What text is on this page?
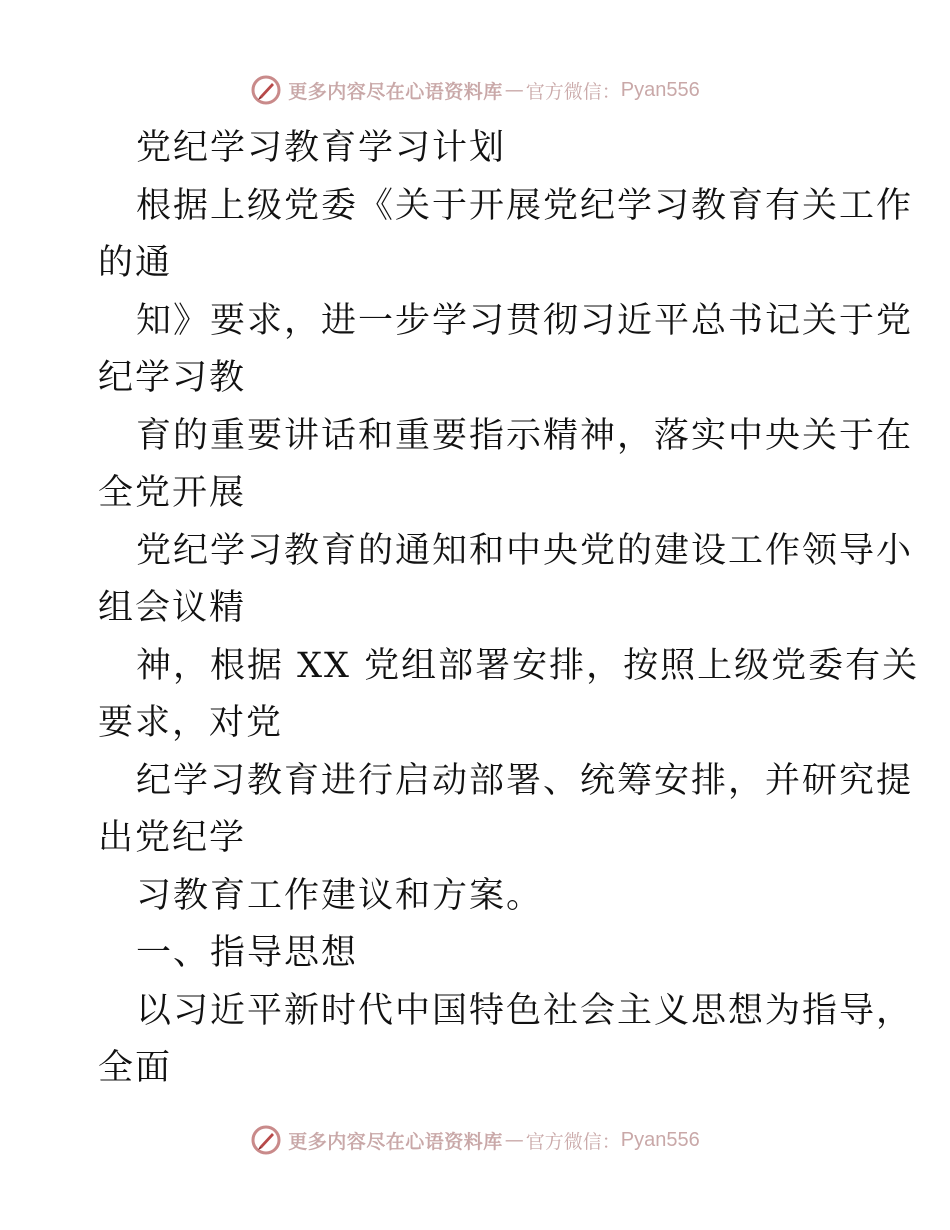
更多内容尽在心语资料库 — 官方微信： Pyan556
党纪学习教育学习计划
根据上级党委《关于开展党纪学习教育有关工作
的通
知》要求，进一步学习贯彻习近平总书记关于党
纪学习教
育的重要讲话和重要指示精神，落实中央关于在
全党开展
党纪学习教育的通知和中央党的建设工作领导小
组会议精
神，根据 XX 党组部署安排，按照上级党委有关
要求，对党
纪学习教育进行启动部署、统筹安排，并研究提
出党纪学
习教育工作建议和方案。
一、指导思想
以习近平新时代中国特色社会主义思想为指导，
全面
更多内容尽在心语资料库 — 官方微信： Pyan556
